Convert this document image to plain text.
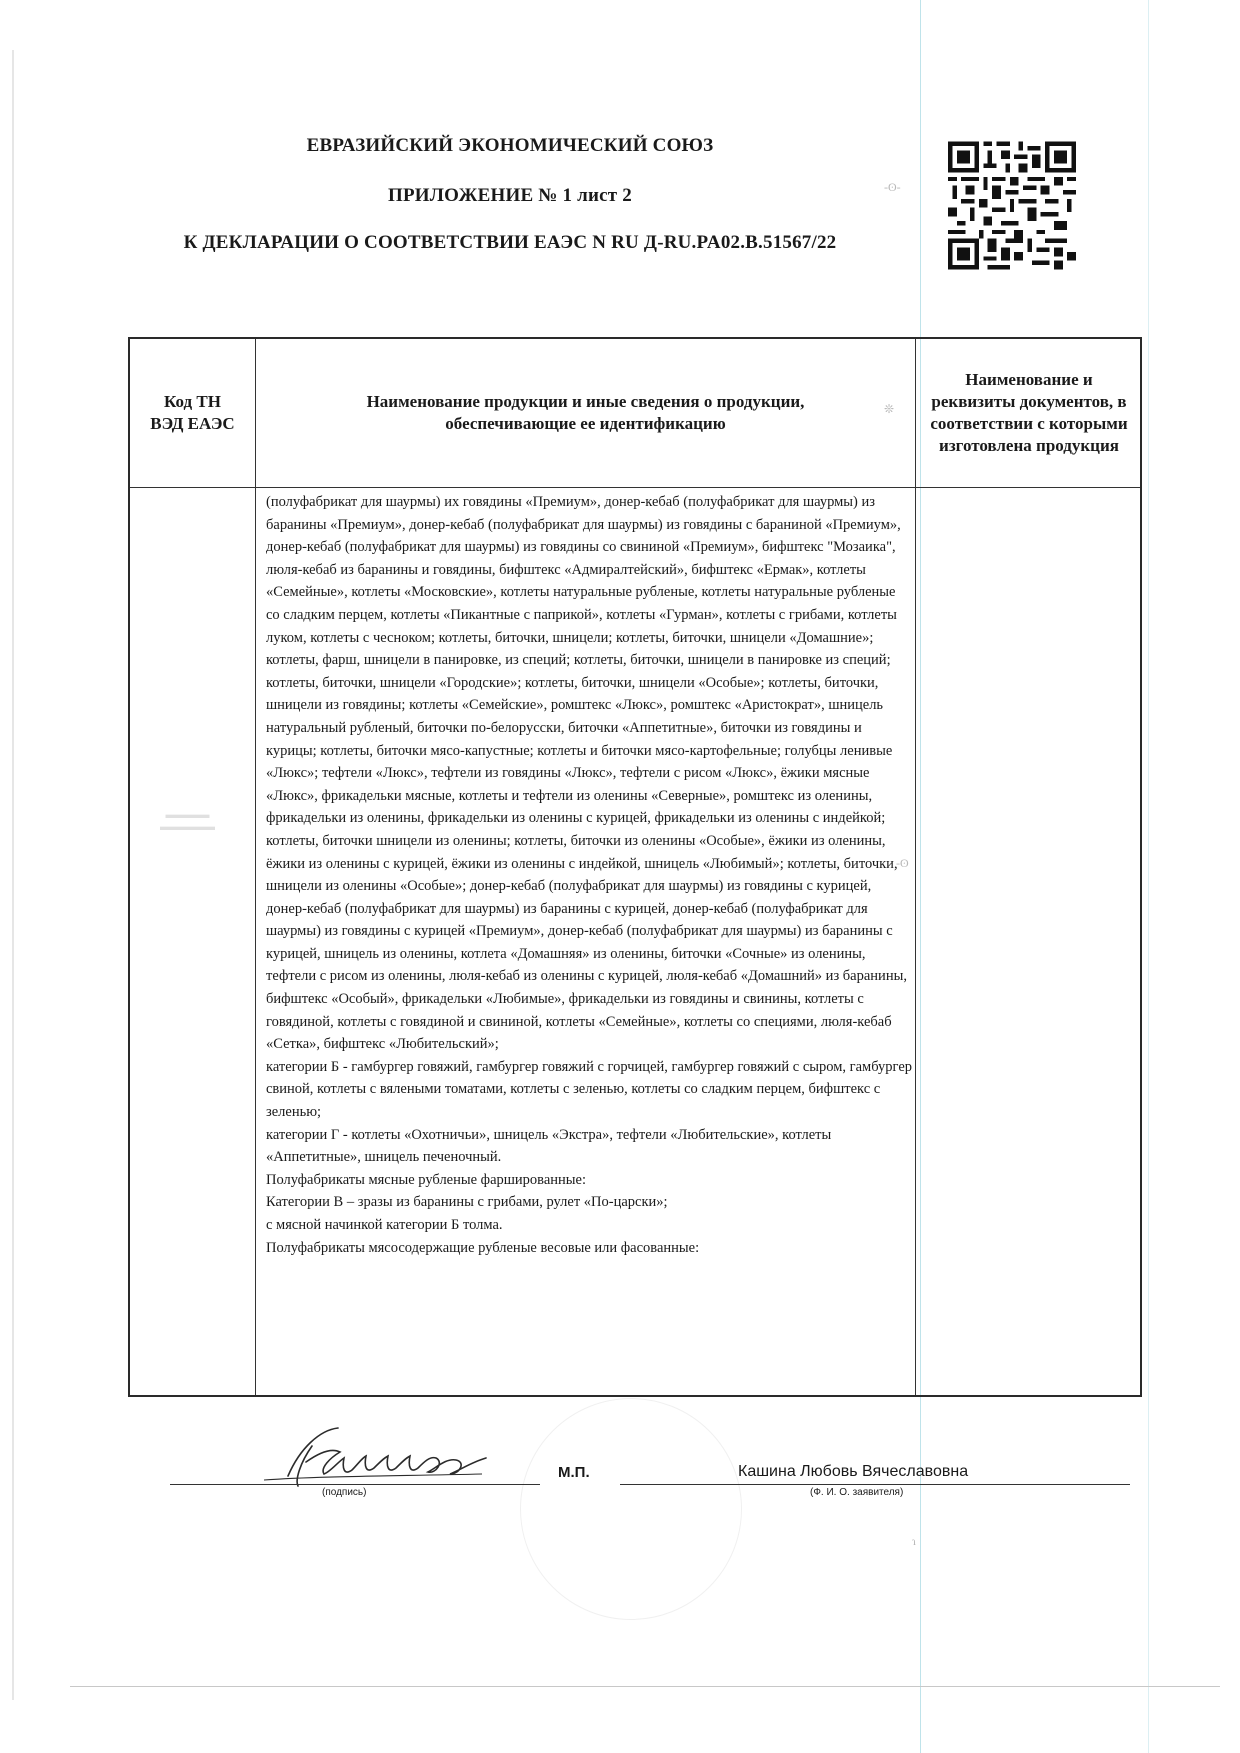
ЕВРАЗИЙСКИЙ ЭКОНОМИЧЕСКИЙ СОЮЗ
ПРИЛОЖЕНИЕ № 1 лист 2
К ДЕКЛАРАЦИИ О СООТВЕТСТВИИ ЕАЭС N RU Д-RU.PA02.B.51567/22
Код ТН ВЭД ЕАЭС
Наименование продукции и иные сведения о продукции, обеспечивающие ее идентификацию
Наименование и реквизиты документов, в соответствии с которыми изготовлена продукция
▬▬▬▬
▬▬▬▬▬

(полуфабрикат для шаурмы) их говядины «Премиум», донер-кебаб (полуфабрикат для шаурмы) из баранины «Премиум», донер-кебаб (полуфабрикат для шаурмы) из говядины с бараниной «Премиум», донер-кебаб (полуфабрикат для шаурмы) из говядины со свининой «Премиум», бифштекс "Мозаика", люля-кебаб из баранины и говядины, бифштекс «Адмиралтейский», бифштекс «Ермак», котлеты «Семейные», котлеты «Московские», котлеты натуральные рубленые, котлеты натуральные рубленые со сладким перцем, котлеты «Пикантные с паприкой», котлеты «Гурман», котлеты с грибами, котлеты луком, котлеты с чесноком; котлеты, биточки, шницели; котлеты, биточки, шницели «Домашние»; котлеты, фарш, шницели в панировке, из специй; котлеты, биточки, шницели в панировке из специй; котлеты, биточки, шницели «Городские»; котлеты, биточки, шницели «Особые»; котлеты, биточки, шницели из говядины; котлеты «Семейские», ромштекс «Люкс», ромштекс «Аристократ», шницель натуральный рубленый, биточки по-белорусски, биточки «Аппетитные», биточки из говядины и курицы; котлеты, биточки мясо-капустные; котлеты и биточки мясо-картофельные; голубцы ленивые «Люкс»; тефтели «Люкс», тефтели из говядины «Люкс», тефтели с рисом «Люкс», ёжики мясные «Люкс», фрикадельки мясные, котлеты и тефтели из оленины «Северные», ромштекс из оленины, фрикадельки из оленины, фрикадельки из оленины с курицей, фрикадельки из оленины с индейкой; котлеты, биточки шницели из оленины; котлеты, биточки из оленины «Особые», ёжики из оленины, ёжики из оленины с курицей, ёжики из оленины с индейкой, шницель «Любимый»; котлеты, биточки, шницели из оленины «Особые»; донер-кебаб (полуфабрикат для шаурмы) из говядины с курицей, донер-кебаб (полуфабрикат для шаурмы) из баранины с курицей, донер-кебаб (полуфабрикат для шаурмы) из говядины с курицей «Премиум», донер-кебаб (полуфабрикат для шаурмы) из баранины с курицей, шницель из оленины, котлета «Домашняя» из оленины, биточки «Сочные» из оленины, тефтели с рисом из оленины, люля-кебаб из оленины с курицей, люля-кебаб «Домашний» из баранины, бифштекс «Особый», фрикадельки «Любимые», фрикадельки из говядины и свинины, котлеты с говядиной, котлеты с говядиной и свининой, котлеты «Семейные», котлеты со специями, люля-кебаб «Сетка», бифштекс «Любительский»;

категории Б - гамбургер говяжий, гамбургер говяжий с горчицей, гамбургер говяжий с сыром, гамбургер свиной, котлеты с вялеными томатами, котлеты с зеленью, котлеты со сладким перцем, бифштекс с зеленью;

категории Г - котлеты «Охотничьи», шницель «Экстра», тефтели «Любительские», котлеты «Аппетитные», шницель печеночный.

Полуфабрикаты мясные рубленые фаршированные:

Категории В – зразы из баранины с грибами, рулет «По-царски»;

с мясной начинкой категории Б толма.

Полуфабрикаты мясосодержащие рубленые весовые или фасованные:

(подпись)
М.П.	Кашина Любовь Вячеславовна
(Ф. И. О. заявителя)
-ʘ-
❊
-ʘ
ɿ
